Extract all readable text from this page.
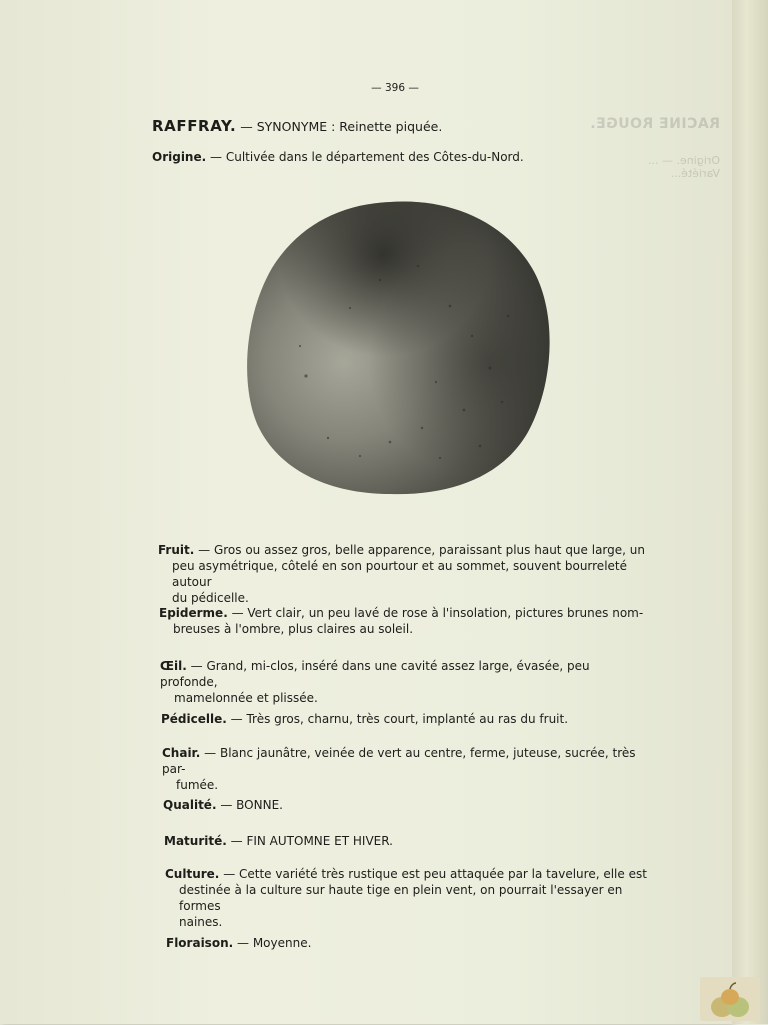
RACINE ROUGE.
Origine. — ...
Variété...
— 396 —
RAFFRAY. — SYNONYME : Reinette piquée.
Origine. — Cultivée dans le département des Côtes-du-Nord.
Fruit. — Gros ou assez gros, belle apparence, paraissant plus haut que large, un
peu asymétrique, côtelé en son pourtour et au sommet, souvent bourreleté autour
du pédicelle.
Epiderme. — Vert clair, un peu lavé de rose à l'insolation, pictures brunes nom-
breuses à l'ombre, plus claires au soleil.
Œil. — Grand, mi-clos, inséré dans une cavité assez large, évasée, peu profonde,
mamelonnée et plissée.
Pédicelle. — Très gros, charnu, très court, implanté au ras du fruit.
Chair. — Blanc jaunâtre, veinée de vert au centre, ferme, juteuse, sucrée, très par-
fumée.
Qualité. — BONNE.
Maturité. — FIN AUTOMNE ET HIVER.
Culture. — Cette variété très rustique est peu attaquée par la tavelure, elle est
destinée à la culture sur haute tige en plein vent, on pourrait l'essayer en formes
naines.
Floraison. — Moyenne.
